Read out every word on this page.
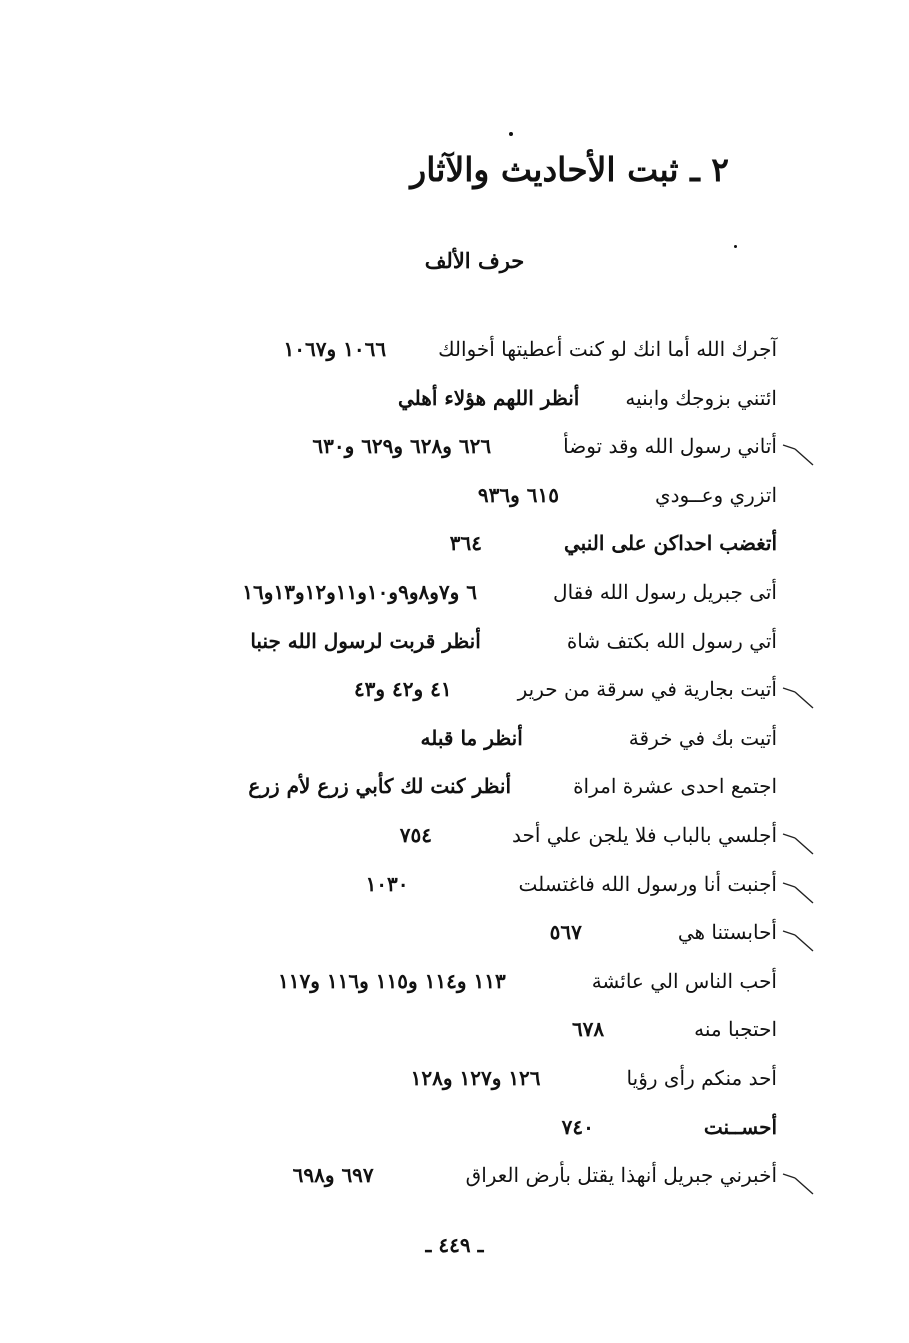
٢ ـ ثبت الأحاديث والآثار
حرف الألف
آجرك الله أما انك لو كنت أعطيتها أخوالك١٠٦٦ و١٠٦٧
ائتني بزوجك وابنيهأنظر اللهم هؤلاء أهلي
أتاني رسول الله وقد توضأ٦٢٦ و٦٢٨ و٦٢٩ و٦٣٠
اتزري وعــودي٦١٥ و٩٣٦
أتغضب احداكن على النبي٣٦٤
أتى جبريل رسول الله فقال٦ و٧و٨و٩و١٠و١١و١٢و١٣و١٦
أتي رسول الله بكتف شاةأنظر قربت لرسول الله جنبا
أتيت بجارية في سرقة من حرير٤١ و٤٢ و٤٣
أتيت بك في خرقةأنظر ما قبله
اجتمع احدى عشرة امراةأنظر كنت لك كأبي زرع لأم زرع
أجلسي بالباب فلا يلجن علي أحد٧٥٤
أجنبت أنا ورسول الله فاغتسلت١٠٣٠
أحابستنا هي٥٦٧
أحب الناس الي عائشة١١٣ و١١٤ و١١٥ و١١٦ و١١٧
احتجبا منه٦٧٨
أحد منكم رأى رؤيا١٢٦ و١٢٧ و١٢٨
أحســنت٧٤٠
أخبرني جبريل أنهذا يقتل بأرض العراق٦٩٧ و٦٩٨
ـ ٤٤٩ ـ
